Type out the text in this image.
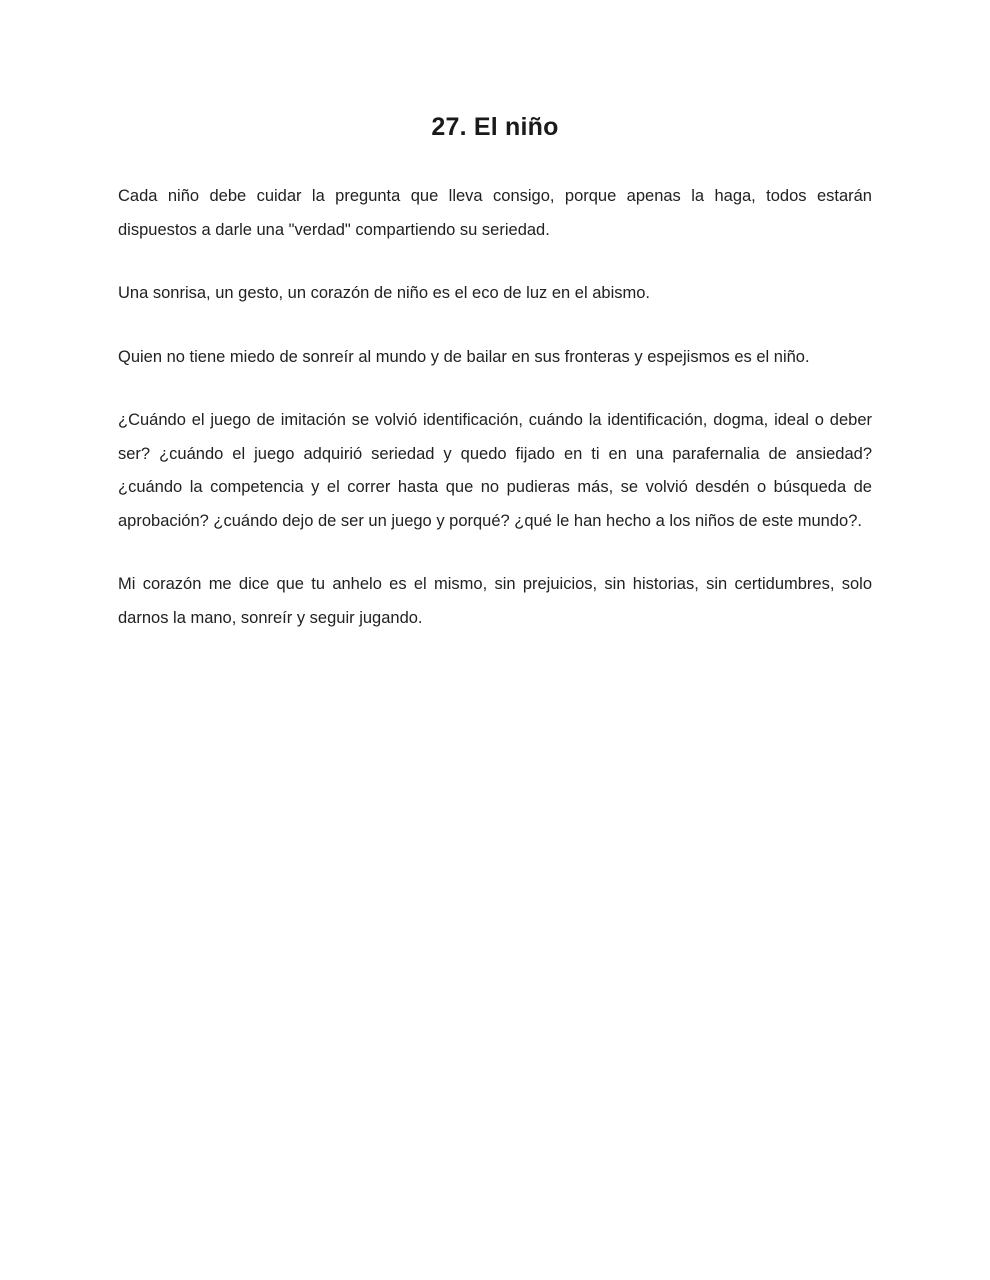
27. El niño

Cada niño debe cuidar la pregunta que lleva consigo, porque apenas la haga, todos estarán dispuestos a darle una "verdad" compartiendo su seriedad.

Una sonrisa, un gesto, un corazón de niño es el eco de luz en el abismo.

Quien no tiene miedo de sonreír al mundo y de bailar en sus fronteras y espejismos es el niño.

¿Cuándo el juego de imitación se volvió identificación, cuándo la identificación, dogma, ideal o deber ser? ¿cuándo el juego adquirió seriedad y quedo fijado en ti en una parafernalia de ansiedad? ¿cuándo la competencia y el correr hasta que no pudieras más, se volvió desdén o búsqueda de aprobación? ¿cuándo dejo de ser un juego y porqué? ¿qué le han hecho a los niños de este mundo?.

Mi corazón me dice que tu anhelo es el mismo, sin prejuicios, sin historias, sin certidumbres, solo darnos la mano, sonreír y seguir jugando.
